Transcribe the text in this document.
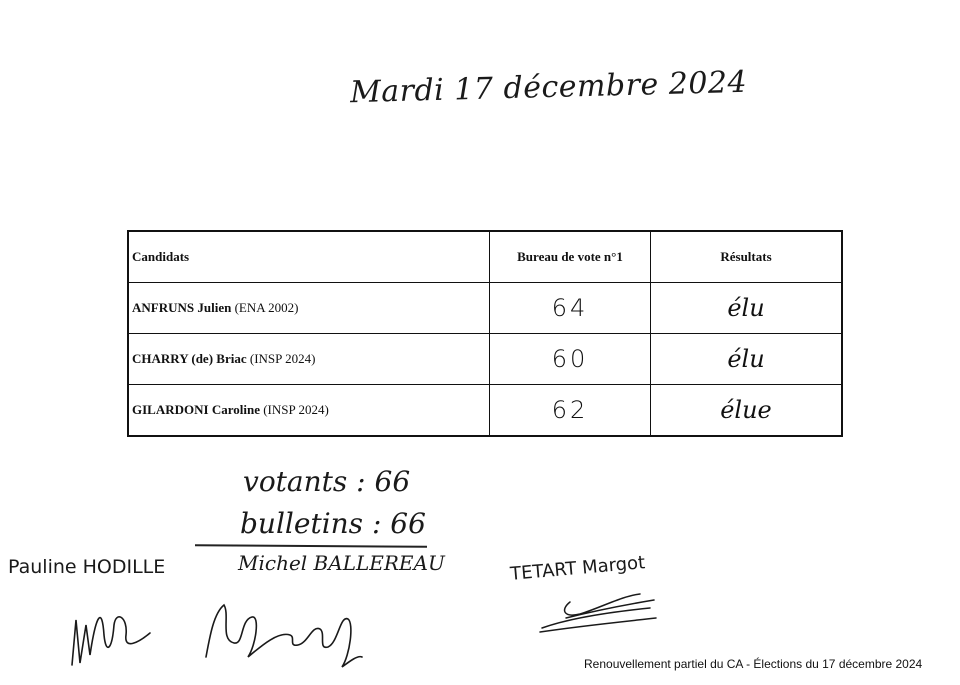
Mardi 17 décembre 2024
Candidats	Bureau de vote n°1	Résultats
ANFRUNS Julien (ENA 2002)	64	élu
CHARRY (de) Briac (INSP 2024)	60	élu
GILARDONI Caroline (INSP 2024)	62	élue
votants : 66
bulletins : 66
Michel BALLEREAU
Pauline HODILLE	TETART Margot
Renouvellement partiel du CA - Élections du 17 décembre 2024
